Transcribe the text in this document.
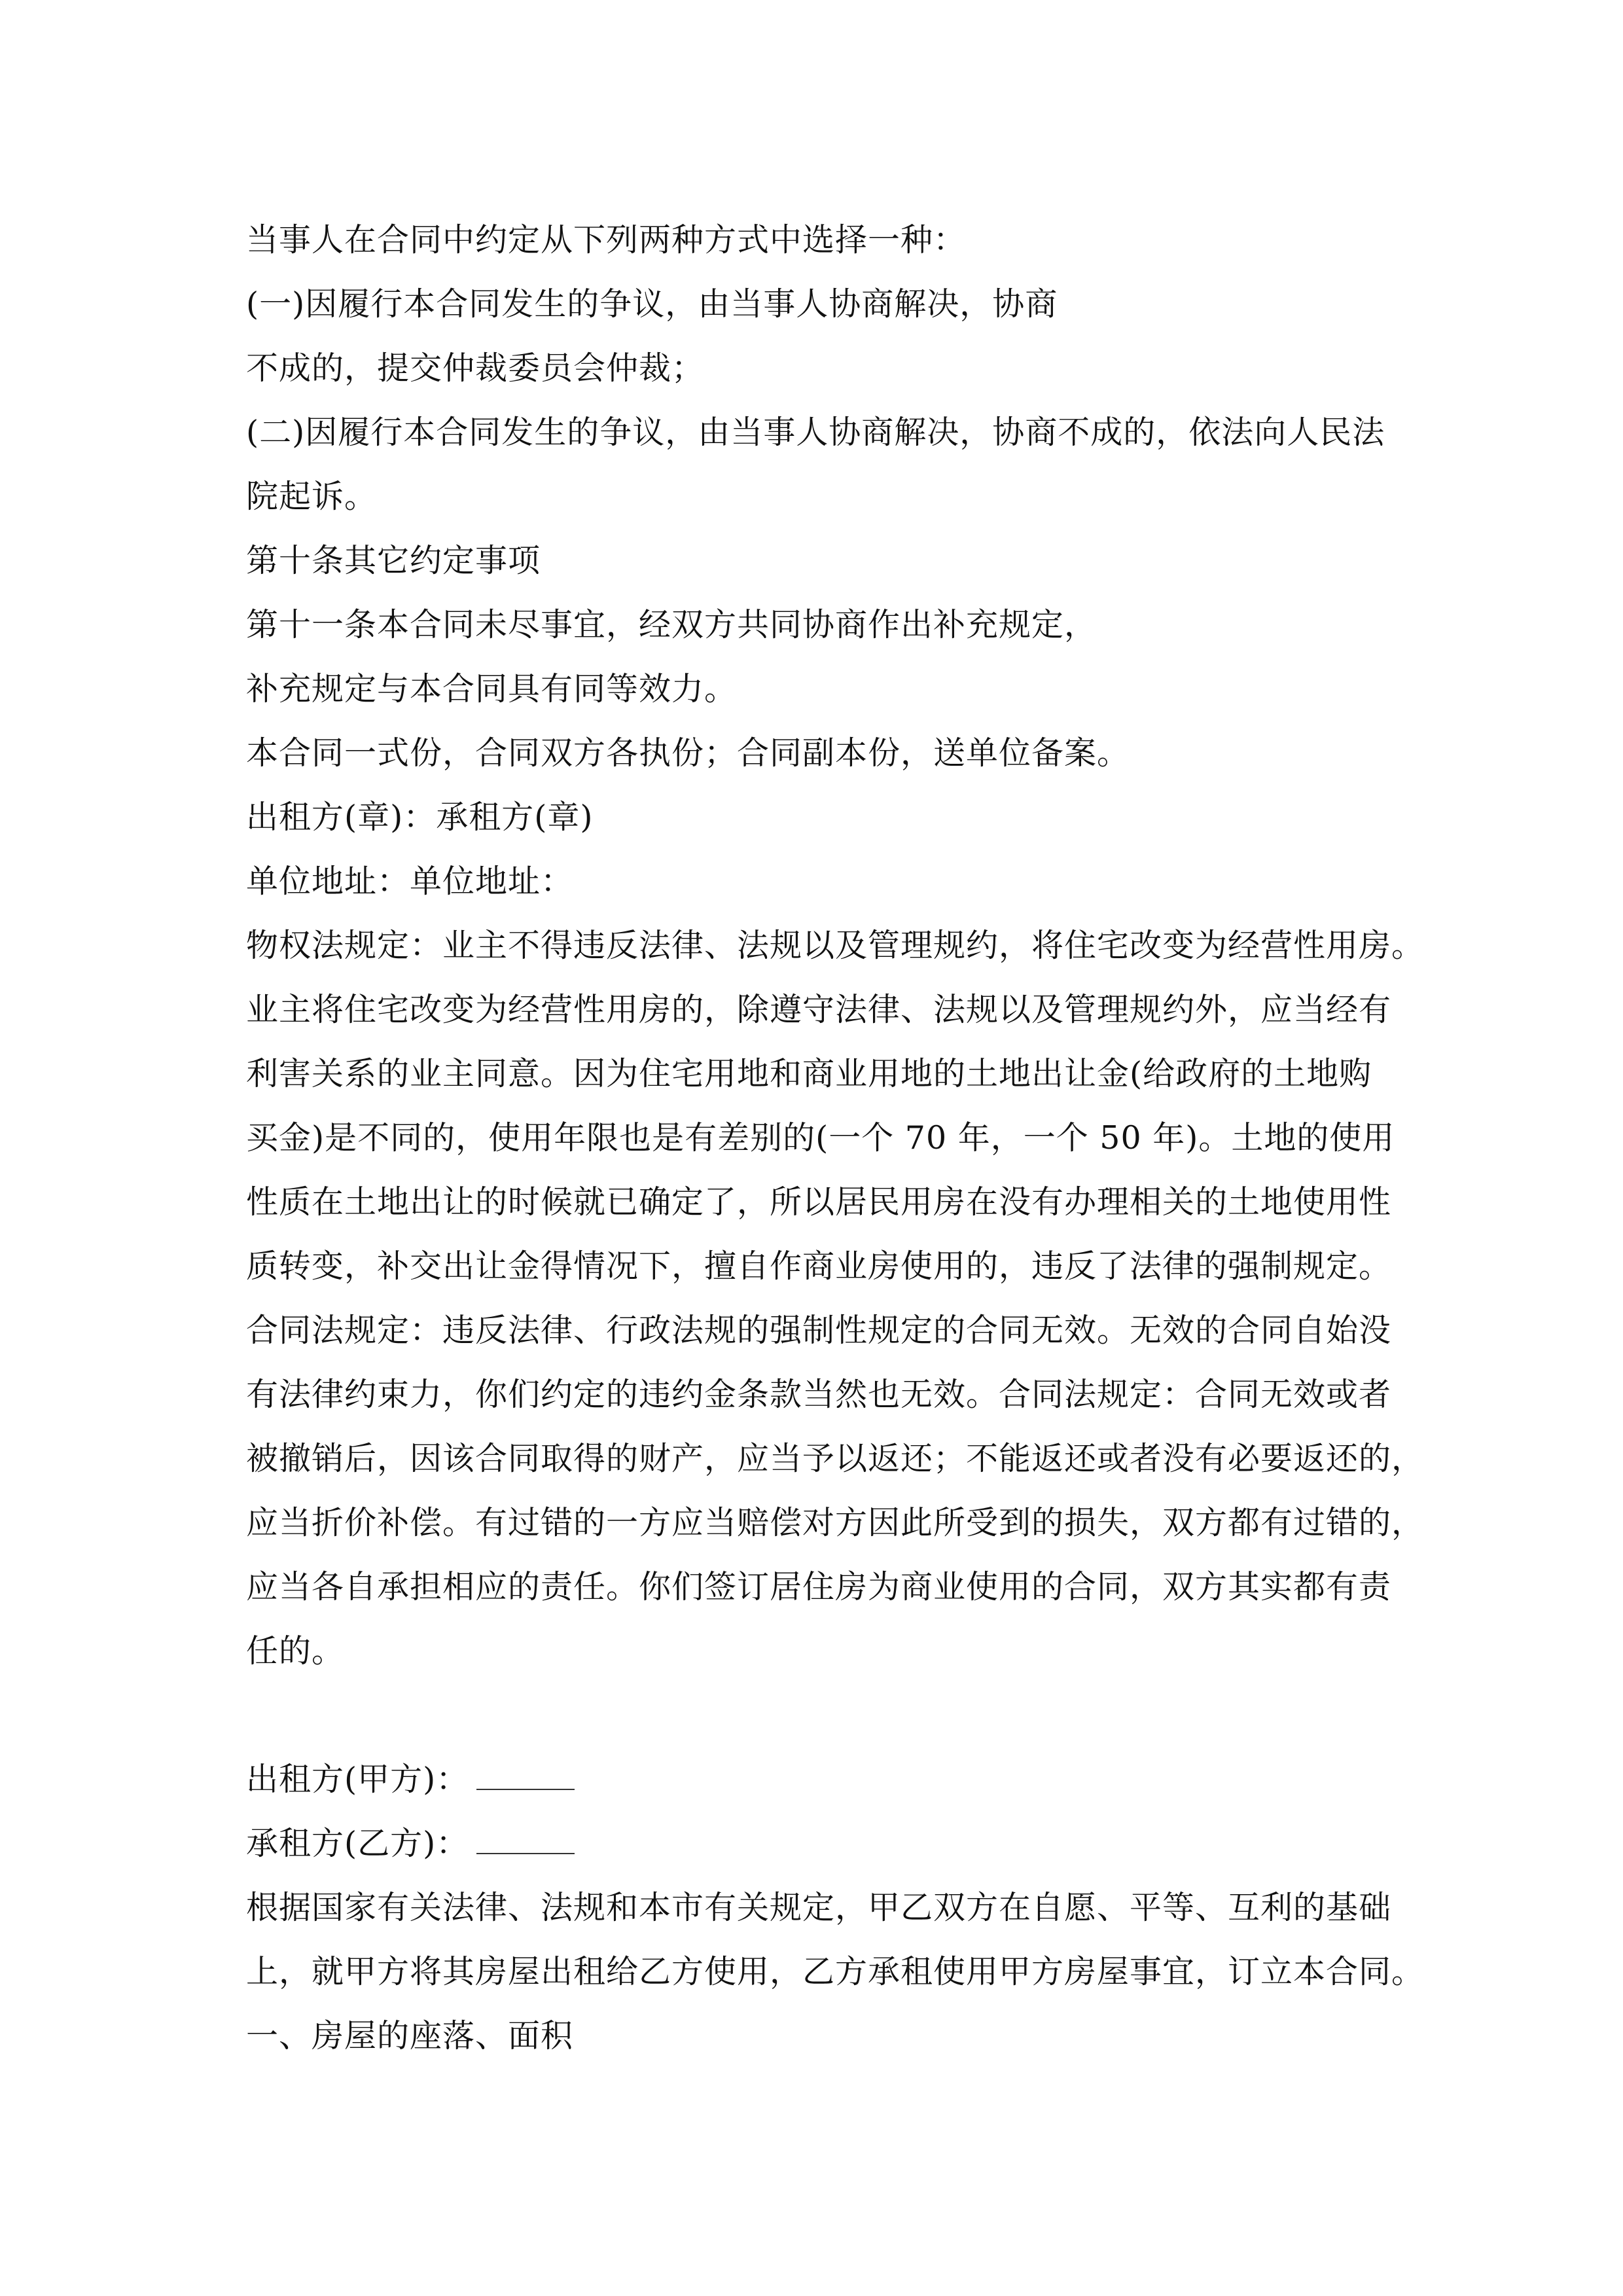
当事人在合同中约定从下列两种方式中选择一种：
(一)因履行本合同发生的争议，由当事人协商解决，协商
不成的，提交仲裁委员会仲裁；
(二)因履行本合同发生的争议，由当事人协商解决，协商不成的，依法向人民法
院起诉。
第十条其它约定事项
第十一条本合同未尽事宜，经双方共同协商作出补充规定，
补充规定与本合同具有同等效力。
本合同一式份，合同双方各执份；合同副本份，送单位备案。
出租方(章)：承租方(章)
单位地址：单位地址：
物权法规定：业主不得违反法律、法规以及管理规约，将住宅改变为经营性用房。
业主将住宅改变为经营性用房的，除遵守法律、法规以及管理规约外，应当经有
利害关系的业主同意。因为住宅用地和商业用地的土地出让金(给政府的土地购
买金)是不同的，使用年限也是有差别的(一个 70 年，一个 50 年)。土地的使用
性质在土地出让的时候就已确定了，所以居民用房在没有办理相关的土地使用性
质转变，补交出让金得情况下，擅自作商业房使用的，违反了法律的强制规定。
合同法规定：违反法律、行政法规的强制性规定的合同无效。无效的合同自始没
有法律约束力，你们约定的违约金条款当然也无效。合同法规定：合同无效或者
被撤销后，因该合同取得的财产，应当予以返还；不能返还或者没有必要返还的，
应当折价补偿。有过错的一方应当赔偿对方因此所受到的损失，双方都有过错的，
应当各自承担相应的责任。你们签订居住房为商业使用的合同，双方其实都有责
任的。
出租方(甲方)：
承租方(乙方)：
根据国家有关法律、法规和本市有关规定，甲乙双方在自愿、平等、互利的基础
上，就甲方将其房屋出租给乙方使用，乙方承租使用甲方房屋事宜，订立本合同。
一、房屋的座落、面积
